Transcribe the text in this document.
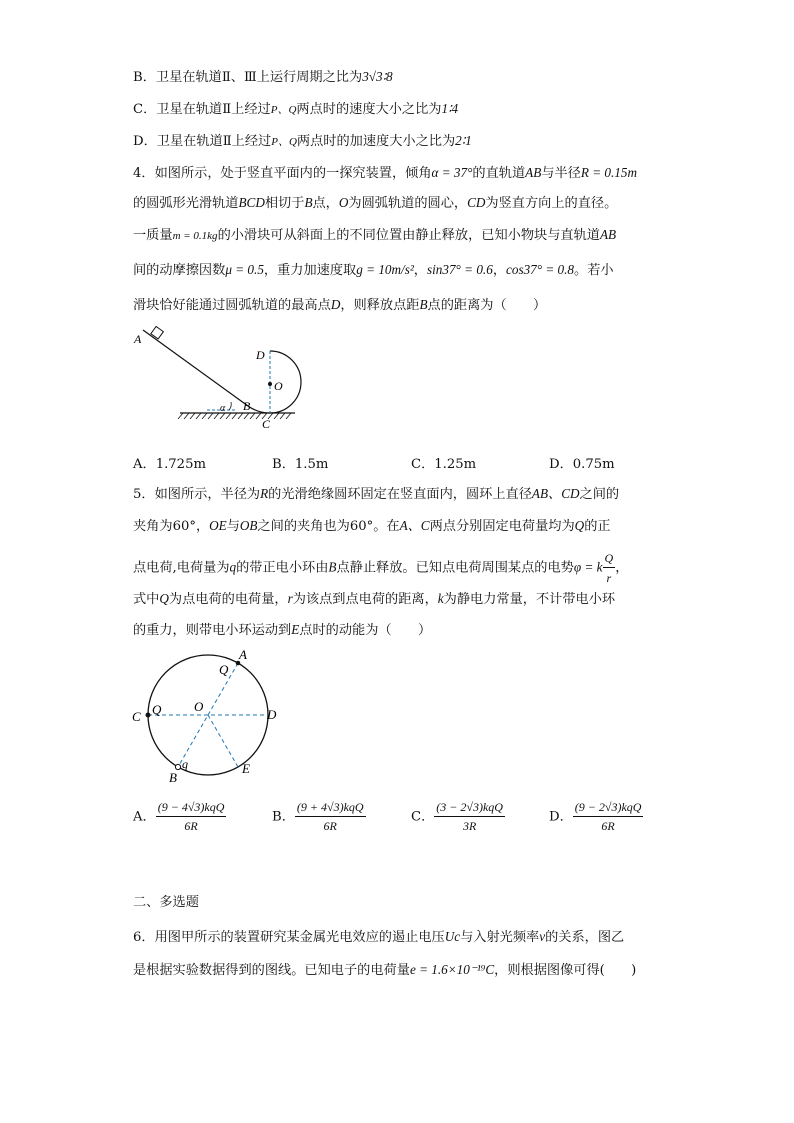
B．卫星在轨道Ⅱ、Ⅲ上运行周期之比为3√3∶8
C．卫星在轨道Ⅱ上经过P、Q两点时的速度大小之比为1∶4
D．卫星在轨道Ⅱ上经过P、Q两点时的加速度大小之比为2∶1
4．如图所示，处于竖直平面内的一探究装置，倾角α = 37°的直轨道AB与半径R = 0.15m
的圆弧形光滑轨道BCD相切于B点，O为圆弧轨道的圆心，CD为竖直方向上的直径。
一质量m = 0.1kg的小滑块可从斜面上的不同位置由静止释放，已知小物块与直轨道AB
间的动摩擦因数μ = 0.5，重力加速度取g = 10m/s²，sin37° = 0.6，cos37° = 0.8。若小
滑块恰好能通过圆弧轨道的最高点D，则释放点距B点的距离为（　　）
A
B
C
D
O
α
A．1.725m	B．1.5m	C．1.25m	D．0.75m
5．如图所示，半径为R的光滑绝缘圆环固定在竖直面内，圆环上直径AB、CD之间的
夹角为60°，OE与OB之间的夹角也为60°。在A、C两点分别固定电荷量均为Q的正
点电荷,电荷量为q的带正电小环由B点静止释放。已知点电荷周围某点的电势φ = k $\frac{Q}{r}$ ，
式中Q为点电荷的电荷量，r为该点到点电荷的距离，k为静电力常量，不计带电小环
的重力，则带电小环运动到E点时的动能为（　　）
A
Q
C Q	O
D
E
q
B
A． $\frac{\text{(9 − 4√3)kqQ}}{6R}$	B． $\frac{\text{(9 + 4√3)kqQ}}{6R}$	C． $\frac{\text{(3 − 2√3)kqQ}}{3R}$	D． $\frac{\text{(9 − 2√3)kqQ}}{6R}$
二、多选题
6．用图甲所示的装置研究某金属光电效应的遏止电压Uc与入射光频率ν的关系，图乙
是根据实验数据得到的图线。已知电子的电荷量e = 1.6×10⁻¹⁹C，则根据图像可得(　　)
